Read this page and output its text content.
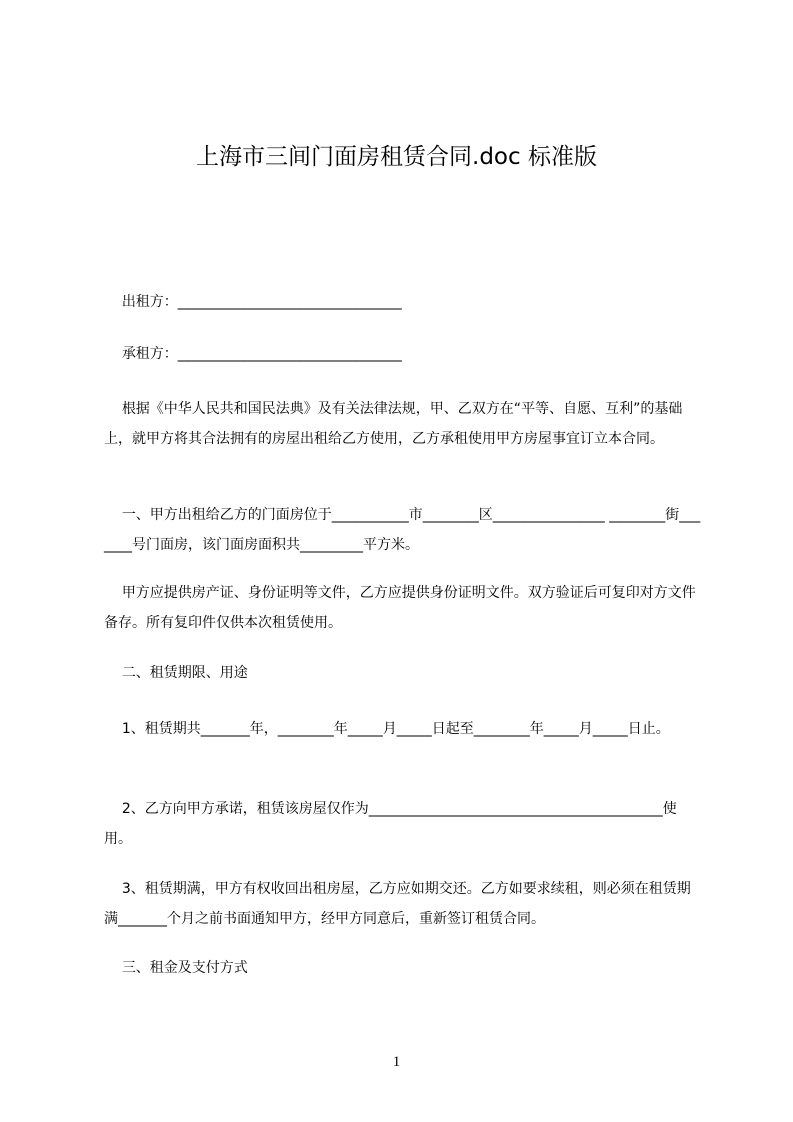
上海市三间门面房租赁合同.doc 标准版
出租方：________________________________
承租方：________________________________
根据《中华人民共和国民法典》及有关法律法规，甲、乙双方在“平等、自愿、互利”的基础上，就甲方将其合法拥有的房屋出租给乙方使用，乙方承租使用甲方房屋事宜订立本合同。
一、甲方出租给乙方的门面房位于___________市________区________________ ________街_______号门面房，该门面房面积共_________平方米。
甲方应提供房产证、身份证明等文件，乙方应提供身份证明文件。双方验证后可复印对方文件备存。所有复印件仅供本次租赁使用。
二、租赁期限、用途
1、租赁期共_______年，________年_____月_____日起至________年_____月_____日止。
2、乙方向甲方承诺，租赁该房屋仅作为__________________________________________使用。
3、租赁期满，甲方有权收回出租房屋，乙方应如期交还。乙方如要求续租，则必须在租赁期满_______个月之前书面通知甲方，经甲方同意后，重新签订租赁合同。
三、租金及支付方式
1
